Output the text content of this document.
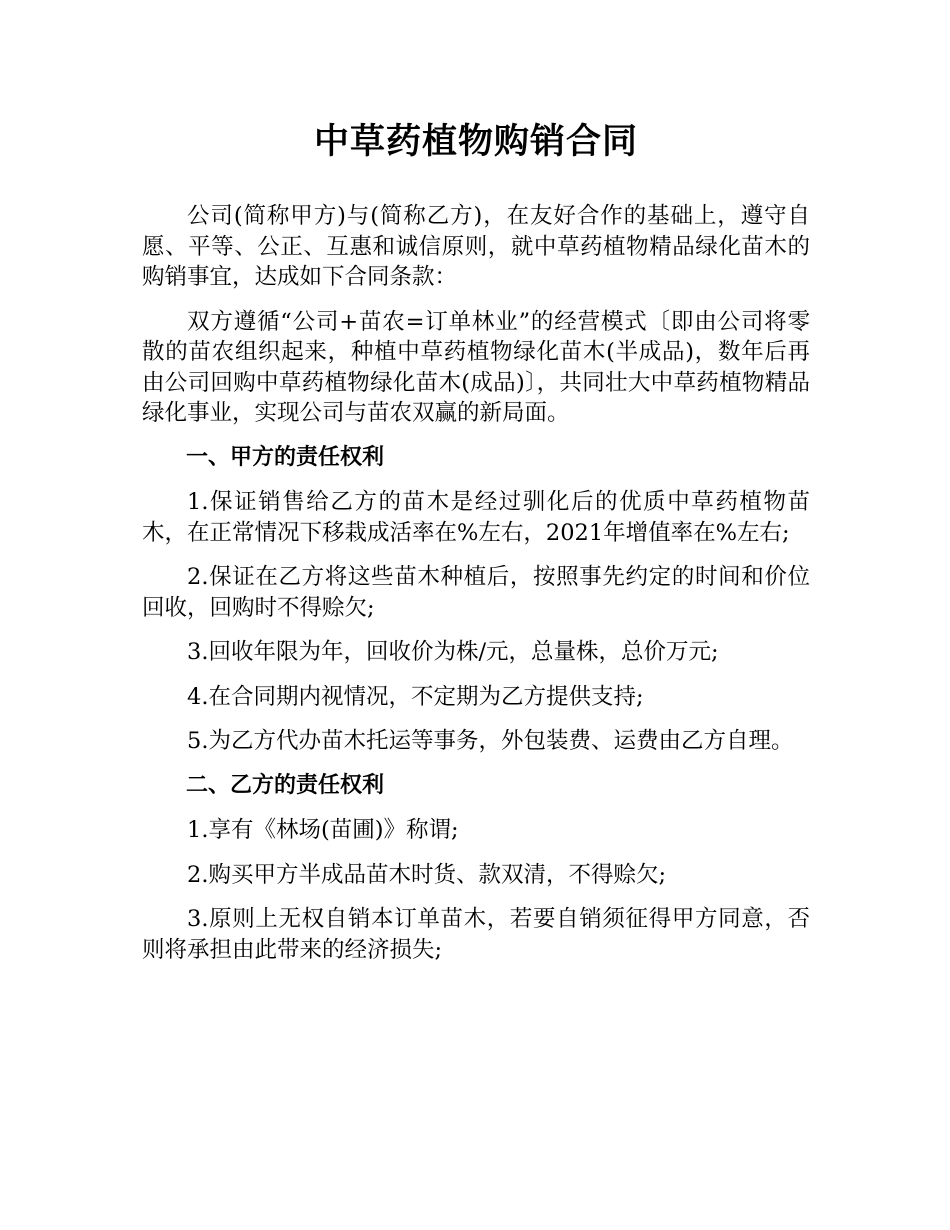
中草药植物购销合同

公司(简称甲方)与(简称乙方)，在友好合作的基础上，遵守自愿、平等、公正、互惠和诚信原则，就中草药植物精品绿化苗木的购销事宜，达成如下合同条款：

双方遵循“公司+苗农=订单林业”的经营模式〔即由公司将零散的苗农组织起来，种植中草药植物绿化苗木(半成品)，数年后再由公司回购中草药植物绿化苗木(成品)〕，共同壮大中草药植物精品绿化事业，实现公司与苗农双赢的新局面。

一、甲方的责任权利

1.保证销售给乙方的苗木是经过驯化后的优质中草药植物苗木，在正常情况下移栽成活率在%左右，2021年增值率在%左右;

2.保证在乙方将这些苗木种植后，按照事先约定的时间和价位回收，回购时不得赊欠;

3.回收年限为年，回收价为株/元，总量株，总价万元;

4.在合同期内视情况，不定期为乙方提供支持;

5.为乙方代办苗木托运等事务，外包装费、运费由乙方自理。

二、乙方的责任权利

1.享有《林场(苗圃)》称谓;

2.购买甲方半成品苗木时货、款双清，不得赊欠;

3.原则上无权自销本订单苗木，若要自销须征得甲方同意，否则将承担由此带来的经济损失;
